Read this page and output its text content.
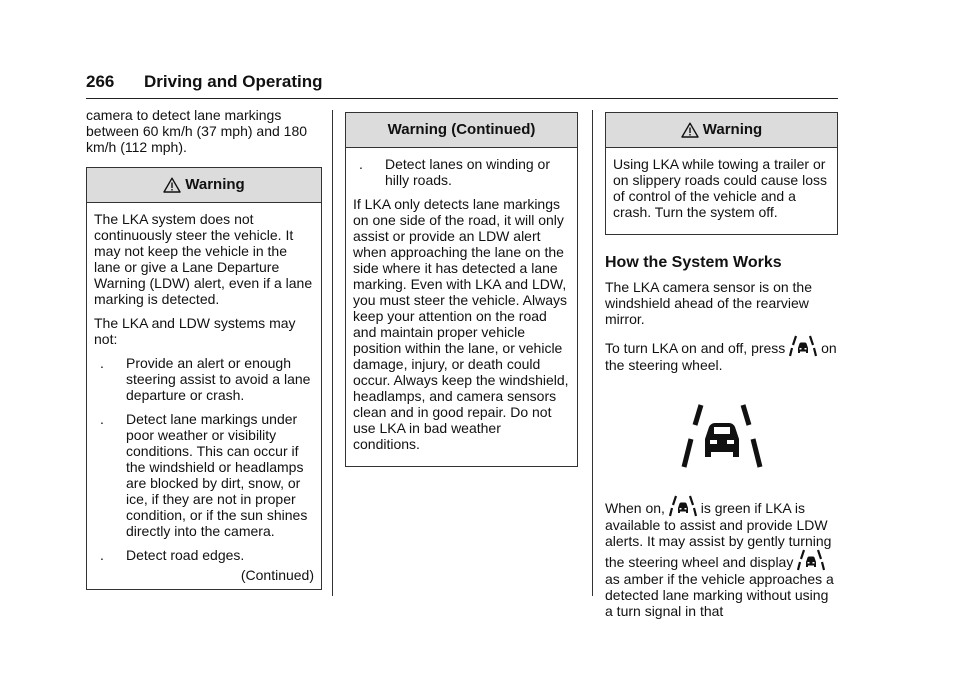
266 Driving and Operating

camera to detect lane markings between 60 km/h (37 mph) and 180 km/h (112 mph).

Warning

The LKA system does not continuously steer the vehicle. It may not keep the vehicle in the lane or give a Lane Departure Warning (LDW) alert, even if a lane marking is detected.

The LKA and LDW systems may not:

.	Provide an alert or enough steering assist to avoid a lane departure or crash.
.	Detect lane markings under poor weather or visibility conditions. This can occur if the windshield or headlamps are blocked by dirt, snow, or ice, if they are not in proper condition, or if the sun shines directly into the camera.
.	Detect road edges.
(Continued)
Warning (Continued)
.	Detect lanes on winding or hilly roads.

If LKA only detects lane markings on one side of the road, it will only assist or provide an LDW alert when approaching the lane on the side where it has detected a lane marking. Even with LKA and LDW, you must steer the vehicle. Always keep your attention on the road and maintain proper vehicle position within the lane, or vehicle damage, injury, or death could occur. Always keep the windshield, headlamps, and camera sensors clean and in good repair. Do not use LKA in bad weather conditions.

Warning

Using LKA while towing a trailer or on slippery roads could cause loss of control of the vehicle and a crash. Turn the system off.

How the System Works

The LKA camera sensor is on the windshield ahead of the rearview mirror.

To turn LKA on and off, press	on the steering wheel.

When on,	is green if LKA is available to assist and provide LDW alerts. It may assist by gently turning the steering wheel and display  as amber if the vehicle approaches a detected lane marking without using a turn signal in that
